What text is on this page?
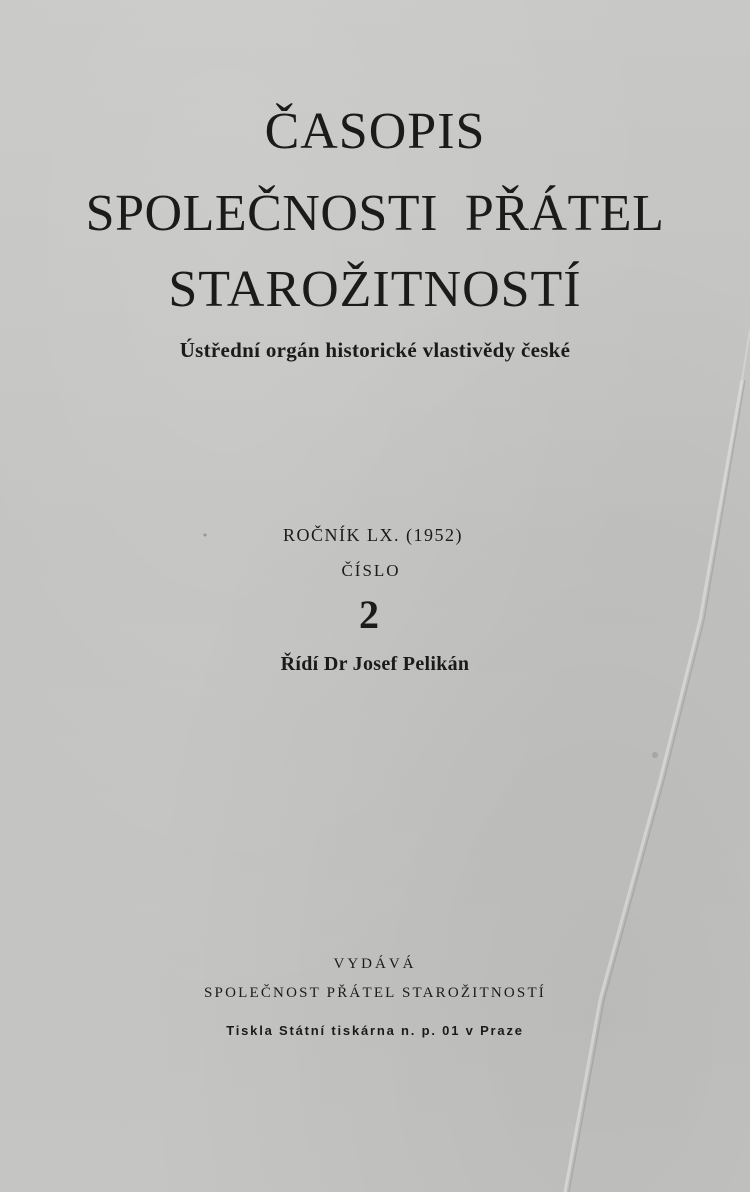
ČASOPIS
SPOLEČNOSTI  PŘÁTEL
STAROŽITNOSTÍ
Ústřední orgán historické vlastivědy české
ROČNÍK LX. (1952)
ČÍSLO
2
Řídí Dr Josef Pelikán
VYDÁVÁ
SPOLEČNOST PŘÁTEL STAROŽITNOSTÍ
Tiskla Státní tiskárna n. p. 01 v Praze
